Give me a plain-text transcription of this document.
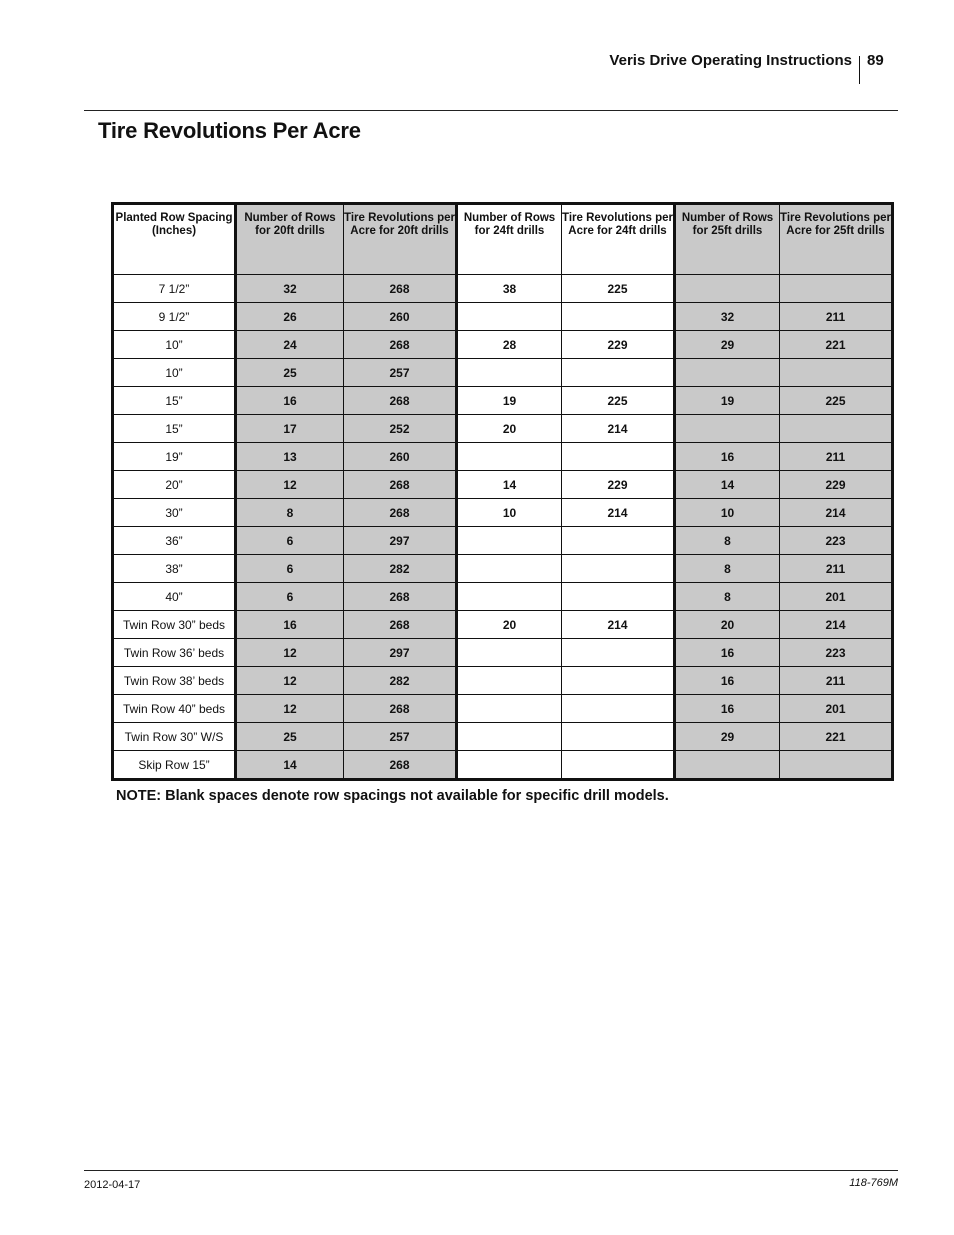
Veris Drive Operating Instructions 89
Tire Revolutions Per Acre
Planted Row Spacing (Inches)	Number of Rows for 20ft drills	Tire Revolutions per Acre for 20ft drills	Number of Rows for 24ft drills	Tire Revolutions per Acre for 24ft drills	Number of Rows for 25ft drills	Tire Revolutions per Acre for 25ft drills
7 1/2”	32	268	38	225		
9 1/2”	26	260			32	211
10”	24	268	28	229	29	221
10”	25	257				
15”	16	268	19	225	19	225
15”	17	252	20	214		
19”	13	260			16	211
20”	12	268	14	229	14	229
30”	8	268	10	214	10	214
36”	6	297			8	223
38”	6	282			8	211
40”	6	268			8	201
Twin Row 30” beds	16	268	20	214	20	214
Twin Row 36’ beds	12	297			16	223
Twin Row 38’ beds	12	282			16	211
Twin Row 40” beds	12	268			16	201
Twin Row 30” W/S	25	257			29	221
Skip Row 15”	14	268				
NOTE: Blank spaces denote row spacings not available for specific drill models.
2012-04-17	118-769M
